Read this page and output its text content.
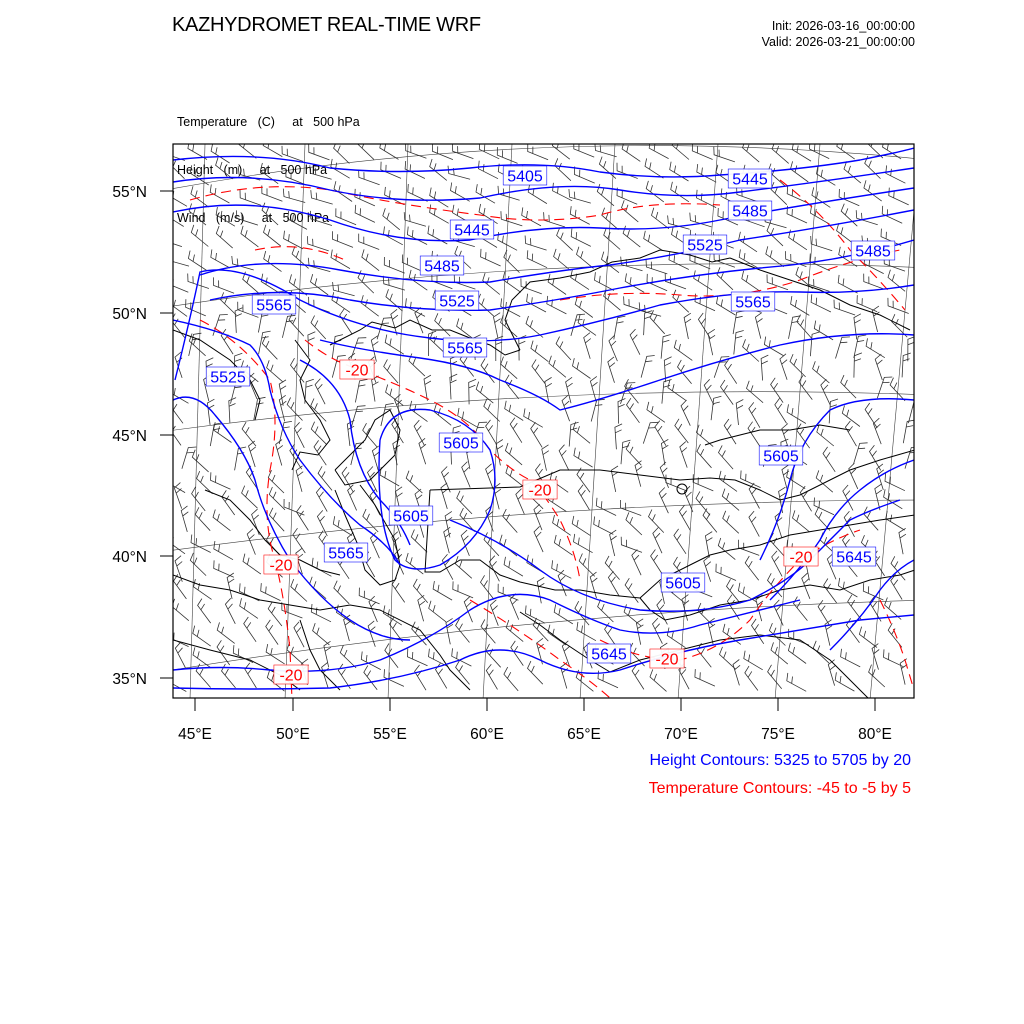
KAZHYDROMET REAL-TIME WRF	Init: 2026-03-16_00:00:00
Valid: 2026-03-21_00:00:00

Temperature   (C)     at   500 hPa

Height   (m)     at   500 hPa

Wind   (m/s)     at   500 hPa

55°N
50°N
45°N
40°N
35°N
45°E	50°E	55°E	60°E	65°E	70°E	75°E	80°E
5405	5445
5445
5485
5485
5525	5485
5525	5565
5565
5565
5525
5605
5605
5605
5565	5645
5605
5645
-20
-20
-20	-20
-20
-20
Height Contours: 5325 to 5705 by 20
Temperature Contours: -45 to -5 by 5
